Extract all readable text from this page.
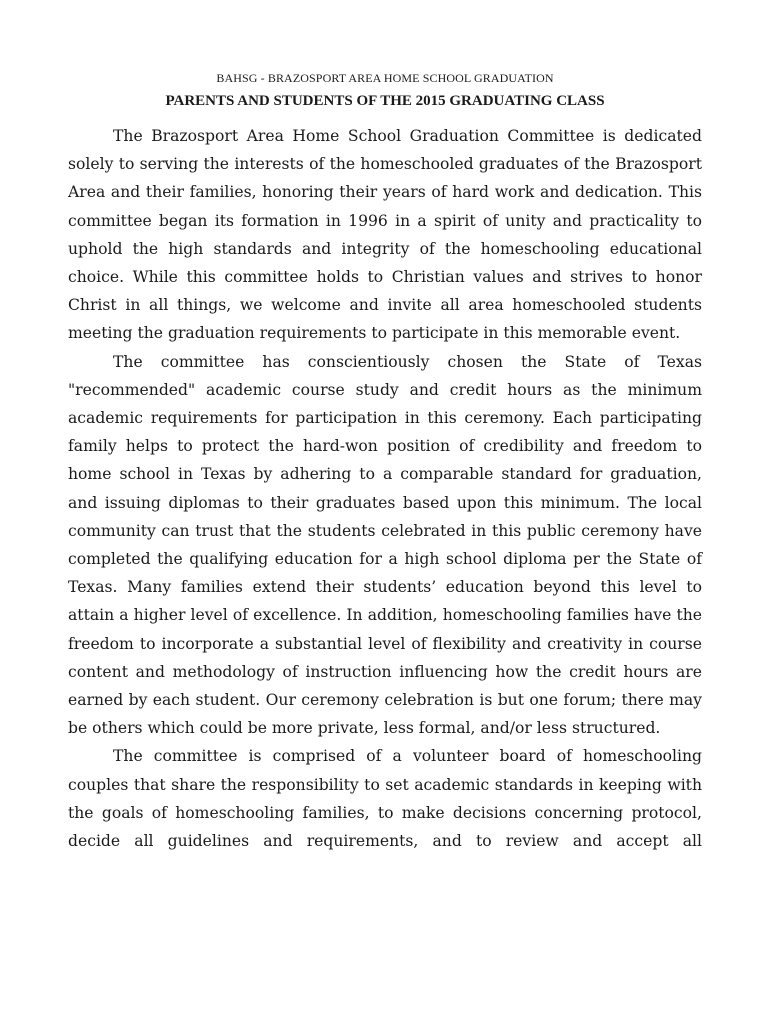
BAHSG - BRAZOSPORT AREA HOME SCHOOL GRADUATION
PARENTS AND STUDENTS OF THE 2015 GRADUATING CLASS

The Brazosport Area Home School Graduation Committee is dedicated solely to serving the interests of the homeschooled graduates of the Brazosport Area and their families, honoring their years of hard work and dedication. This committee began its formation in 1996 in a spirit of unity and practicality to uphold the high standards and integrity of the homeschooling educational choice. While this committee holds to Christian values and strives to honor Christ in all things, we welcome and invite all area homeschooled students meeting the graduation requirements to participate in this memorable event.

The committee has conscientiously chosen the State of Texas "recommended" academic course study and credit hours as the minimum academic requirements for participation in this ceremony. Each participating family helps to protect the hard-won position of credibility and freedom to home school in Texas by adhering to a comparable standard for graduation, and issuing diplomas to their graduates based upon this minimum. The local community can trust that the students celebrated in this public ceremony have completed the qualifying education for a high school diploma per the State of Texas. Many families extend their students’ education beyond this level to attain a higher level of excellence. In addition, homeschooling families have the freedom to incorporate a substantial level of flexibility and creativity in course content and methodology of instruction influencing how the credit hours are earned by each student. Our ceremony celebration is but one forum; there may be others which could be more private, less formal, and/or less structured.

The committee is comprised of a volunteer board of homeschooling couples that share the responsibility to set academic standards in keeping with the goals of homeschooling families, to make decisions concerning protocol, decide all guidelines and requirements, and to review and accept all
